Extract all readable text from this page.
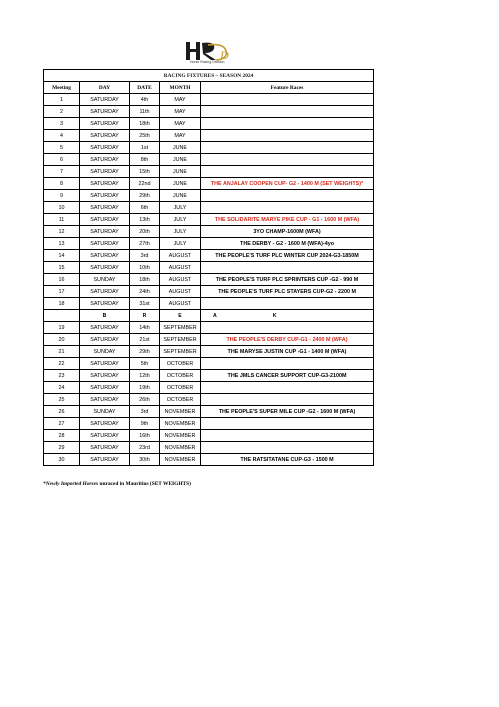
D
Horse Racing Division
RACING FIXTURES – SEASON 2024				
Meeting	DAY	DATE	MONTH	Feature Races
1	SATURDAY	4th	MAY	
2	SATURDAY	11th	MAY	
3	SATURDAY	18th	MAY	
4	SATURDAY	25th	MAY	
5	SATURDAY	1st	JUNE	
6	SATURDAY	8th	JUNE	
7	SATURDAY	15th	JUNE	
8	SATURDAY	22nd	JUNE	THE ANJALAY COOPEN CUP- G2 - 1400 M (SET WEIGHTS)*
9	SATURDAY	29th	JUNE	
10	SATURDAY	6th	JULY	
11	SATURDAY	13th	JULY	THE SOLIDARITE MARYE PIKE CUP - G1 - 1600 M (WFA)
12	SATURDAY	20th	JULY	3YO CHAMP-1600M (WFA)
13	SATURDAY	27th	JULY	THE DERBY - G2 - 1600 M (WFA)-4yo
14	SATURDAY	3rd	AUGUST	THE PEOPLE'S TURF PLC WINTER CUP 2024-G3-1850M
15	SATURDAY	10th	AUGUST	
16	SUNDAY	18th	AUGUST	THE PEOPLE'S TURF PLC SPRINTERS CUP -G2 - 990 M
17	SATURDAY	24th	AUGUST	THE PEOPLE'S TURF PLC STAYERS CUP-G2 - 2200 M
18	SATURDAY	31st	AUGUST	
	B	R	E	A K
19	SATURDAY	14th	SEPTEMBER	
20	SATURDAY	21st	SEPTEMBER	THE PEOPLE'S DERBY CUP-G1 - 2400 M (WFA)
21	SUNDAY	29th	SEPTEMBER	THE MARYSE JUSTIN CUP -G1 - 1400 M (WFA)
22	SATURDAY	5th	OCTOBER	
23	SATURDAY	12th	OCTOBER	THE JMLS CANCER SUPPORT CUP-G3-2100M
24	SATURDAY	19th	OCTOBER	
25	SATURDAY	26th	OCTOBER	
26	SUNDAY	3rd	NOVEMBER	THE PEOPLE'S SUPER MILE CUP -G2 - 1600 M (WFA)
27	SATURDAY	9th	NOVEMBER	
28	SATURDAY	16th	NOVEMBER	
29	SATURDAY	23rd	NOVEMBER	
30	SATURDAY	30th	NOVEMBER	THE RATSITATANE CUP-G3 - 1500 M
*Newly Imported Horses unraced in Mauritius (SET WEIGHTS)
